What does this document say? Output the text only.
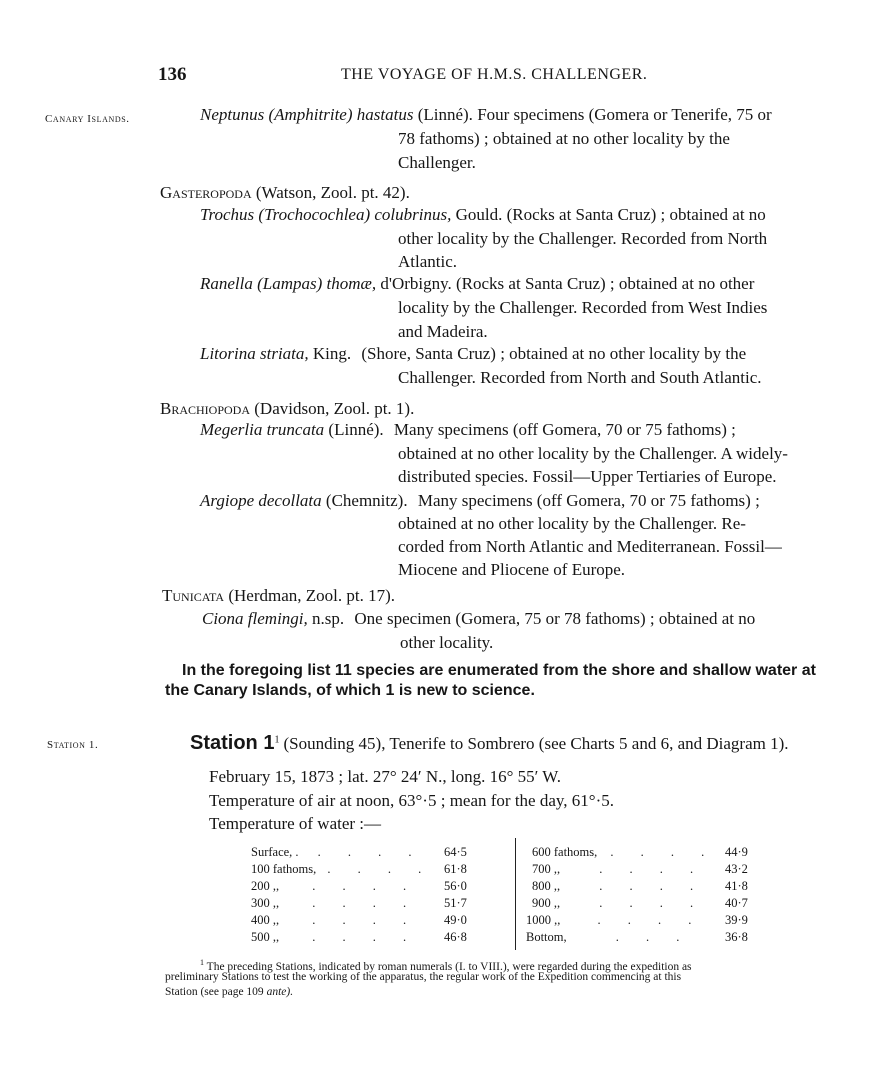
136	THE VOYAGE OF H.M.S. CHALLENGER.
Canary Islands.	Neptunus (Amphitrite) hastatus (Linné). Four specimens (Gomera or Tenerife, 75 or
78 fathoms) ; obtained at no other locality by the
Challenger.
Gasteropoda (Watson, Zool. pt. 42).
Trochus (Trochocochlea) colubrinus, Gould. (Rocks at Santa Cruz) ; obtained at no
other locality by the Challenger. Recorded from North
Atlantic.
Ranella (Lampas) thomæ, d'Orbigny. (Rocks at Santa Cruz) ; obtained at no other
locality by the Challenger. Recorded from West Indies
and Madeira.
Litorina striata, King. (Shore, Santa Cruz) ; obtained at no other locality by the
Challenger. Recorded from North and South Atlantic.
Brachiopoda (Davidson, Zool. pt. 1).
Megerlia truncata (Linné). Many specimens (off Gomera, 70 or 75 fathoms) ;
obtained at no other locality by the Challenger. A widely-
distributed species. Fossil—Upper Tertiaries of Europe.
Argiope decollata (Chemnitz). Many specimens (off Gomera, 70 or 75 fathoms) ;
obtained at no other locality by the Challenger. Re-
corded from North Atlantic and Mediterranean. Fossil—
Miocene and Pliocene of Europe.
Tunicata (Herdman, Zool. pt. 17).
Ciona flemingi, n.sp. One specimen (Gomera, 75 or 78 fathoms) ; obtained at no
other locality.
In the foregoing list 11 species are enumerated from the shore and shallow water at
the Canary Islands, of which 1 is new to science.
Station 1.	Station $1^1$ (Sounding 45), Tenerife to Sombrero (see Charts 5 and 6, and Diagram 1).
February 15, 1873 ; lat. 27° 24′ N., long. 16° 55′ W.
Temperature of air at noon, 63°·5 ; mean for the day, 61°·5.
Temperature of water :—
Surface, . . . . . 64·5
100 fathoms, . . . . 61·8
200 ,,	. . . . 56·0
300 ,,	. . . . 51·7
400 ,,	. . . . 49·0
500 ,,	. . . . 46·8
600 fathoms, . . . . 44·9
700 ,,	. . . . 43·2
800 ,,	. . . . 41·8
900 ,,	. . . . 40·7
1000 ,,	. . . . 39·9
Bottom,	. . .	36·8
$^1$ The preceding Stations, indicated by roman numerals (I. to VIII.), were regarded during the expedition as
preliminary Stations to test the working of the apparatus, the regular work of the Expedition commencing at this
Station (see page 109 ante).
